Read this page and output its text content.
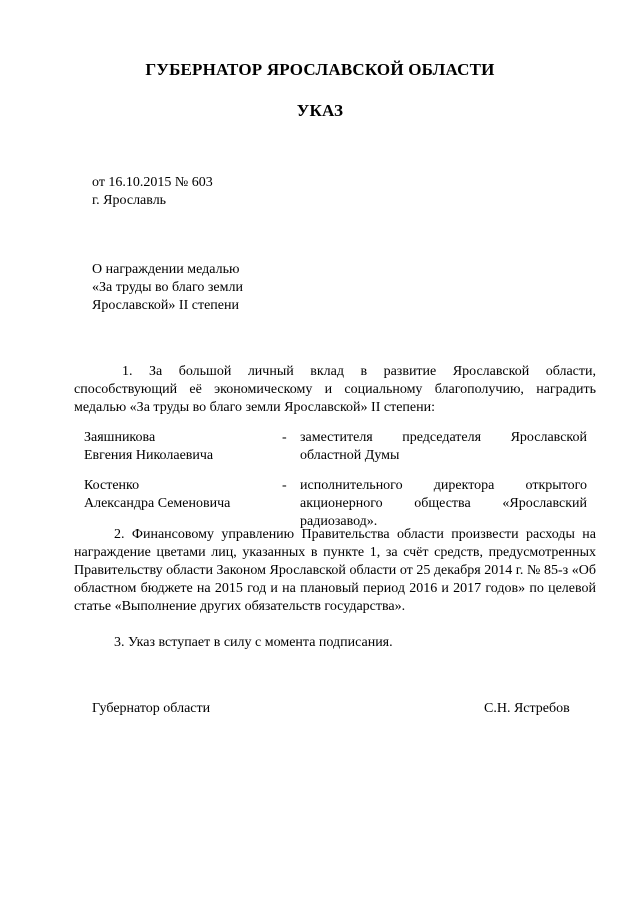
ГУБЕРНАТОР ЯРОСЛАВСКОЙ ОБЛАСТИ
УКАЗ
от 16.10.2015 № 603
г. Ярославль
О награждении медалью
«За труды во благо земли
Ярославской» II степени
1. За большой личный вклад в развитие Ярославской области, способствующий её экономическому и социальному благополучию, наградить медалью «За труды во благо земли Ярославской» II степени:
Заяшникова
Евгения Николаевича
- заместителя председателя Ярославской областной Думы
Костенко
Александра Семеновича
- исполнительного директора открытого акционерного общества «Ярославский радиозавод».
2. Финансовому управлению Правительства области произвести расходы на награждение цветами лиц, указанных в пункте 1, за счёт средств, предусмотренных Правительству области Законом Ярославской области от 25 декабря 2014 г. № 85-з «Об областном бюджете на 2015 год и на плановый период 2016 и 2017 годов» по целевой статье «Выполнение других обязательств государства».
3. Указ вступает в силу с момента подписания.
Губернатор области	С.Н. Ястребов
